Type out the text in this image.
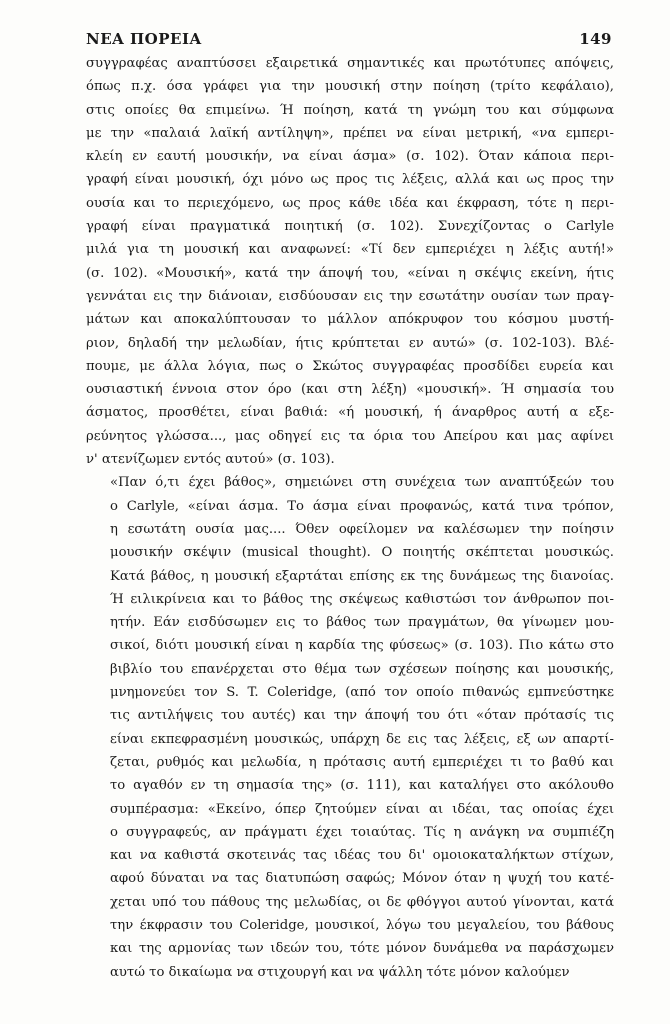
ΝΕΑ ΠΟΡΕΙΑ	149
συγγραφέας αναπτύσσει εξαιρετικά σημαντικές και πρωτότυπες απόψεις,
όπως π.χ. όσα γράφει για την μουσική στην ποίηση (τρίτο κεφάλαιο),
στις οποίες θα επιμείνω. Ή ποίηση, κατά τη γνώμη του και σύμφωνα
με την «παλαιά λαϊκή αντίληψη», πρέπει να είναι μετρική, «να εμπερι-
κλείη εν εαυτή μουσικήν, να είναι άσμα» (σ. 102). Όταν κάποια περι-
γραφή είναι μουσική, όχι μόνο ως προς τις λέξεις, αλλά και ως προς την
ουσία και το περιεχόμενο, ως προς κάθε ιδέα και έκφραση, τότε η περι-
γραφή είναι πραγματικά ποιητική (σ. 102). Συνεχίζοντας ο Carlyle
μιλά για τη μουσική και αναφωνεί: «Τί δεν εμπεριέχει η λέξις αυτή!»
(σ. 102). «Μουσική», κατά την άποψή του, «είναι η σκέψις εκείνη, ήτις
γεννάται εις την διάνοιαν, εισδύουσαν εις την εσωτάτην ουσίαν των πραγ-
μάτων και αποκαλύπτουσαν το μάλλον απόκρυφον του κόσμου μυστή-
ριον, δηλαδή την μελωδίαν, ήτις κρύπτεται εν αυτώ» (σ. 102-103). Βλέ-
πουμε, με άλλα λόγια, πως ο Σκώτος συγγραφέας προσδίδει ευρεία και
ουσιαστική έννοια στον όρο (και στη λέξη) «μουσική». Ή σημασία του
άσματος, προσθέτει, είναι βαθιά: «ή μουσική, ή άναρθρος αυτή α εξε-
ρεύνητος γλώσσα..., μας οδηγεί εις τα όρια του Απείρου και μας αφίνει
ν' ατενίζωμεν εντός αυτού» (σ. 103).
«Παν ό,τι έχει βάθος», σημειώνει στη συνέχεια των αναπτύξεών του
ο Carlyle, «είναι άσμα. Το άσμα είναι προφανώς, κατά τινα τρόπον,
η εσωτάτη ουσία μας.... Όθεν οφείλομεν να καλέσωμεν την ποίησιν
μουσικήν σκέψιν (musical thought). Ο ποιητής σκέπτεται μουσικώς.
Κατά βάθος, η μουσική εξαρτάται επίσης εκ της δυνάμεως της διανοίας.
Ή ειλικρίνεια και το βάθος της σκέψεως καθιστώσι τον άνθρωπον ποι-
ητήν. Εάν εισδύσωμεν εις το βάθος των πραγμάτων, θα γίνωμεν μου-
σικοί, διότι μουσική είναι η καρδία της φύσεως» (σ. 103). Πιο κάτω στο
βιβλίο του επανέρχεται στο θέμα των σχέσεων ποίησης και μουσικής,
μνημονεύει τον S. T. Coleridge, (από τον οποίο πιθανώς εμπνεύστηκε
τις αντιλήψεις του αυτές) και την άποψή του ότι «όταν πρότασίς τις
είναι εκπεφρασμένη μουσικώς, υπάρχη δε εις τας λέξεις, εξ ων απαρτί-
ζεται, ρυθμός και μελωδία, η πρότασις αυτή εμπεριέχει τι το βαθύ και
το αγαθόν εν τη σημασία της» (σ. 111), και καταλήγει στο ακόλουθο
συμπέρασμα: «Εκείνο, όπερ ζητούμεν είναι αι ιδέαι, τας οποίας έχει
ο συγγραφεύς, αν πράγματι έχει τοιαύτας. Τίς η ανάγκη να συμπιέζη
και να καθιστά σκοτεινάς τας ιδέας του δι' ομοιοκαταλήκτων στίχων,
αφού δύναται να τας διατυπώση σαφώς; Μόνον όταν η ψυχή του κατέ-
χεται υπό του πάθους της μελωδίας, οι δε φθόγγοι αυτού γίνονται, κατά
την έκφρασιν του Coleridge, μουσικοί, λόγω του μεγαλείου, του βάθους
και της αρμονίας των ιδεών του, τότε μόνον δυνάμεθα να παράσχωμεν
αυτώ το δικαίωμα να στιχουργή και να ψάλλη τότε μόνον καλούμεν
